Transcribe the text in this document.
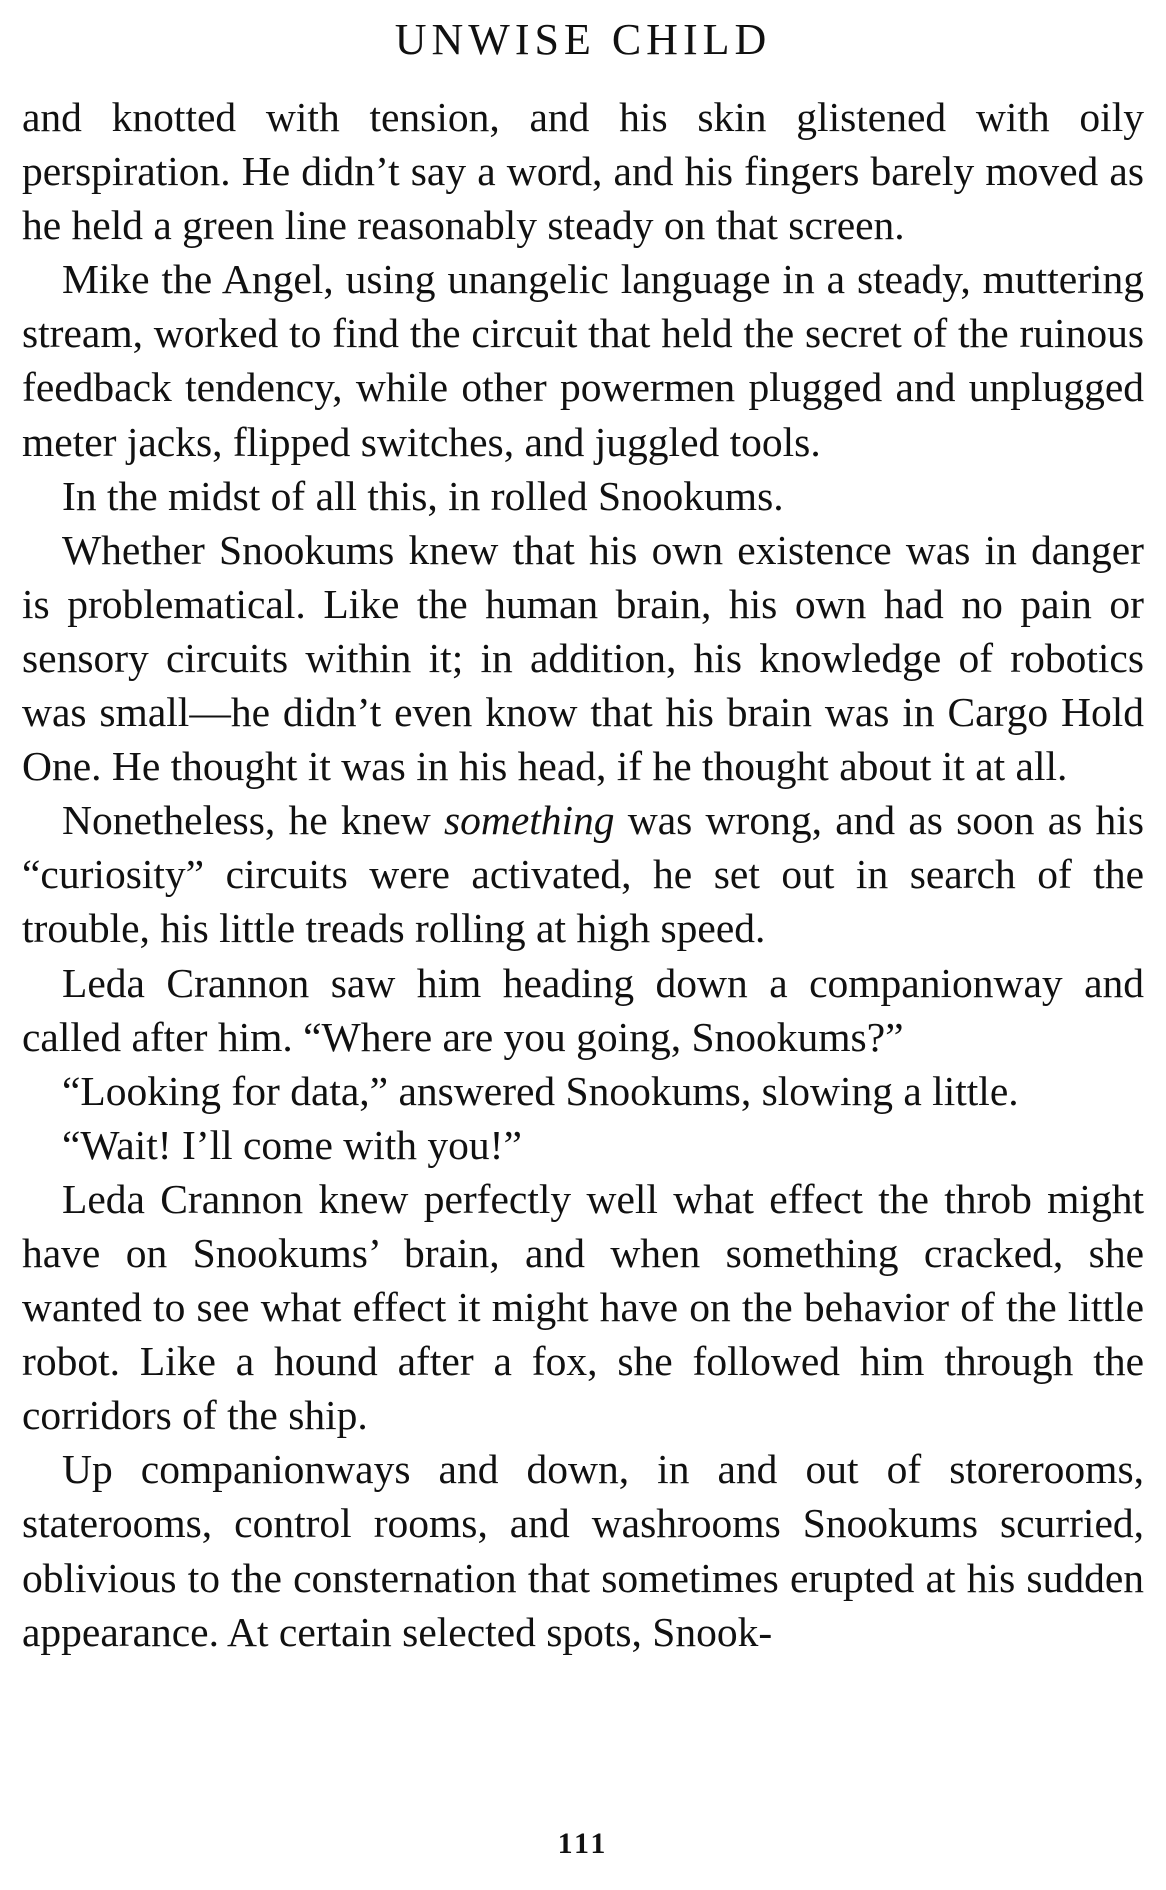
UNWISE CHILD

and knotted with tension, and his skin glistened with oily perspiration. He didn’t say a word, and his fingers barely moved as he held a green line reasonably steady on that screen.

Mike the Angel, using unangelic language in a steady, muttering stream, worked to find the circuit that held the secret of the ruinous feedback tendency, while other powermen plugged and unplugged meter jacks, flipped switches, and juggled tools.

In the midst of all this, in rolled Snookums.

Whether Snookums knew that his own existence was in danger is problematical. Like the human brain, his own had no pain or sensory circuits within it; in addition, his knowledge of robotics was small—he didn’t even know that his brain was in Cargo Hold One. He thought it was in his head, if he thought about it at all.

Nonetheless, he knew something was wrong, and as soon as his “curiosity” circuits were activated, he set out in search of the trouble, his little treads rolling at high speed.

Leda Crannon saw him heading down a companionway and called after him. “Where are you going, Snookums?”

“Looking for data,” answered Snookums, slowing a little.

“Wait! I’ll come with you!”

Leda Crannon knew perfectly well what effect the throb might have on Snookums’ brain, and when something cracked, she wanted to see what effect it might have on the behavior of the little robot. Like a hound after a fox, she followed him through the corridors of the ship.

Up companionways and down, in and out of storerooms, staterooms, control rooms, and washrooms Snookums scurried, oblivious to the consternation that sometimes erupted at his sudden appearance. At certain selected spots, Snook-

111
